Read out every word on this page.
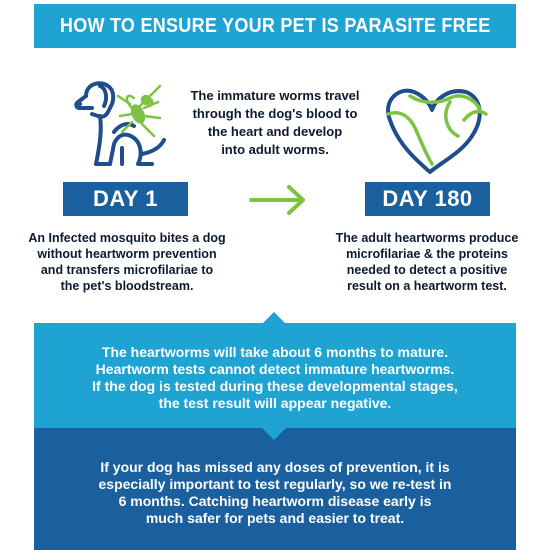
HOW TO ENSURE YOUR PET IS PARASITE FREE
The immature worms travel
through the dog's blood to
the heart and develop
into adult worms.
DAY 1	DAY 180
An Infected mosquito bites a dog
without heartworm prevention
and transfers microfilariae to
the pet's bloodstream.
The adult heartworms produce
microfilariae & the proteins
needed to detect a positive
result on a heartworm test.
The heartworms will take about 6 months to mature.
Heartworm tests cannot detect immature heartworms.
If the dog is tested during these developmental stages,
the test result will appear negative.
If your dog has missed any doses of prevention, it is
especially important to test regularly, so we re-test in
6 months. Catching heartworm disease early is
much safer for pets and easier to treat.
